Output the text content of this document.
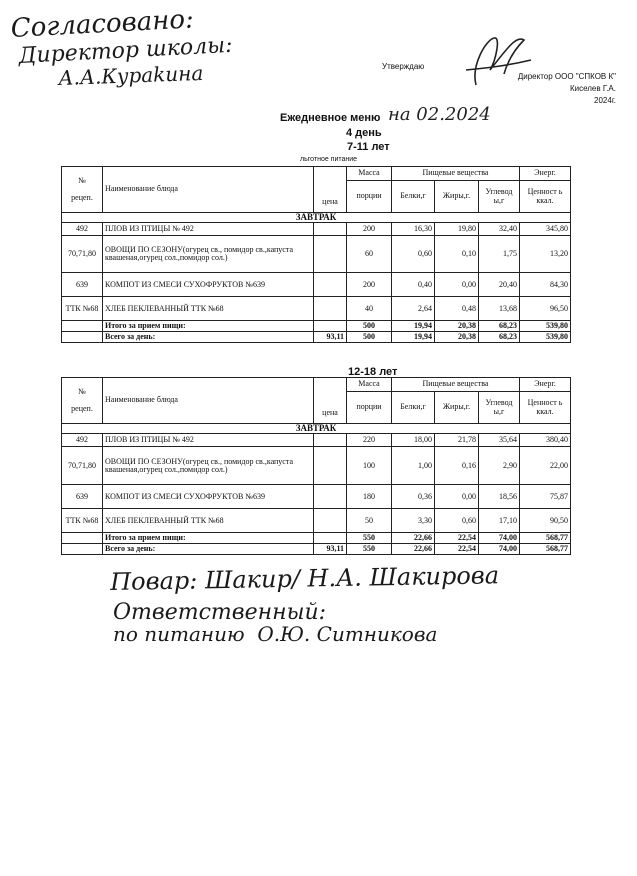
Согласовано:
Директор школы:
А.А.Кураkина	Утверждаю
Директор ООО "СПКОВ К"
Киселев Г.А.
2024г.
Ежедневное меню на 02.2024
4 день
7-11 лет
льготное питание
№

рецеп.	Наименование блюда	цена	Масса	Пищевые вещества			Энерг.
			порции	Белки,г	Жиры,г.	Углевод ы,г	Ценност ь ккал.
ЗАВТРАК							
492	ПЛОВ ИЗ ПТИЦЫ № 492		200	16,30	19,80	32,40	345,80
70,71,80	ОВОЩИ ПО СЕЗОНУ(огурец св., помидор св.,капуста квашеная,огурец сол.,помидор сол.)		60	0,60	0,10	1,75	13,20
639	КОМПОТ ИЗ СМЕСИ СУХОФРУКТОВ №639		200	0,40	0,00	20,40	84,30
ТТК №68	ХЛЕБ ПЕКЛЕВАННЫЙ ТТК №68		40	2,64	0,48	13,68	96,50
	Итого за прием пищи:		500	19,94	20,38	68,23	539,80
	Всего за день:	93,11	500	19,94	20,38	68,23	539,80
12-18 лет
№

рецеп.	Наименование блюда	цена	Масса	Пищевые вещества			Энерг.
			порции	Белки,г	Жиры,г.	Углевод ы,г	Ценност ь ккал.
ЗАВТРАК							
492	ПЛОВ ИЗ ПТИЦЫ № 492		220	18,00	21,78	35,64	380,40
70,71,80	ОВОЩИ ПО СЕЗОНУ(огурец св., помидор св.,капуста квашеная,огурец сол.,помидор сол.)		100	1,00	0,16	2,90	22,00
639	КОМПОТ ИЗ СМЕСИ СУХОФРУКТОВ №639		180	0,36	0,00	18,56	75,87
ТТК №68	ХЛЕБ ПЕКЛЕВАННЫЙ ТТК №68		50	3,30	0,60	17,10	90,50
	Итого за прием пищи:		550	22,66	22,54	74,00	568,77
	Всего за день:	93,11	550	22,66	22,54	74,00	568,77
Повар: Шакир/ Н.А. Шакирова
Ответственный:
по питанию О.Ю. Ситникова
